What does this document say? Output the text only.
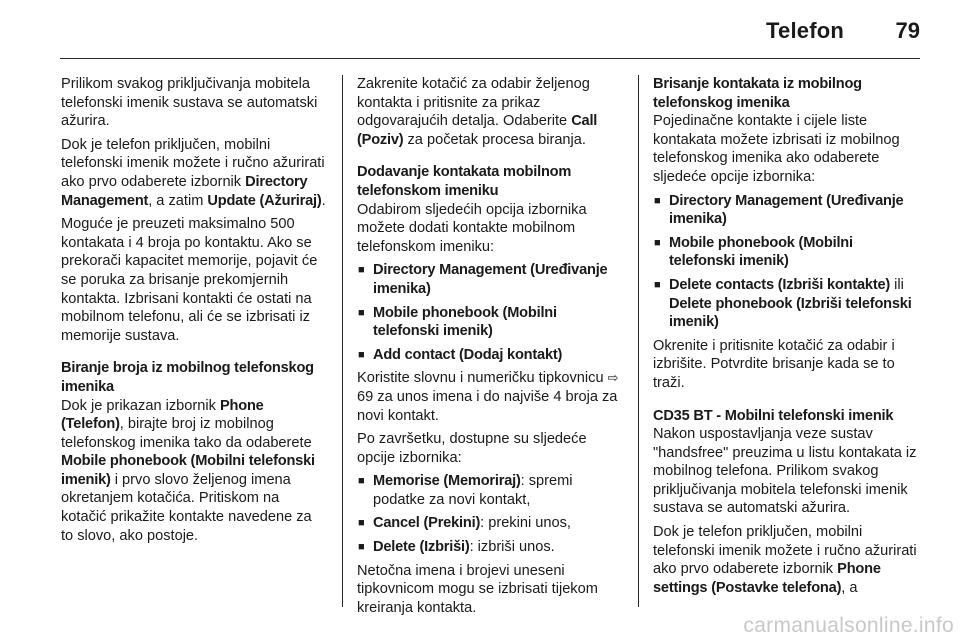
Telefon 79

Prilikom svakog priključivanja mobitela telefonski imenik sustava se automatski ažurira.

Dok je telefon priključen, mobilni telefonski imenik možete i ručno ažurirati ako prvo odaberete izbornik Directory Management, a zatim Update (Ažuriraj).

Moguće je preuzeti maksimalno 500 kontakata i 4 broja po kontaktu. Ako se prekorači kapacitet memorije, pojavit će se poruka za brisanje prekomjernih kontakta. Izbrisani kontakti će ostati na mobilnom telefonu, ali će se izbrisati iz memorije sustava.

Biranje broja iz mobilnog telefonskog imenika

Dok je prikazan izbornik Phone (Telefon), birajte broj iz mobilnog telefonskog imenika tako da odaberete Mobile phonebook (Mobilni telefonski imenik) i prvo slovo željenog imena okretanjem kotačića. Pritiskom na kotačić prikažite kontakte navedene za to slovo, ako postoje.

Zakrenite kotačić za odabir željenog kontakta i pritisnite za prikaz odgovarajućih detalja. Odaberite Call (Poziv) za početak procesa biranja.

Dodavanje kontakata mobilnom telefonskom imeniku

Odabirom sljedećih opcija izbornika možete dodati kontakte mobilnom telefonskom imeniku:

■ Directory Management (Uređivanje imenika)
■ Mobile phonebook (Mobilni telefonski imenik)
■ Add contact (Dodaj kontakt)

Koristite slovnu i numeričku tipkovnicu ⇨ 69 za unos imena i do najviše 4 broja za novi kontakt.

Po završetku, dostupne su sljedeće opcije izbornika:

■ Memorise (Memoriraj): spremi podatke za novi kontakt,
■ Cancel (Prekini): prekini unos,
■ Delete (Izbriši): izbriši unos.

Netočna imena i brojevi uneseni tipkovnicom mogu se izbrisati tijekom kreiranja kontakta.

Brisanje kontakata iz mobilnog telefonskog imenika

Pojedinačne kontakte i cijele liste kontakata možete izbrisati iz mobilnog telefonskog imenika ako odaberete sljedeće opcije izbornika:

■ Directory Management (Uređivanje imenika)
■ Mobile phonebook (Mobilni telefonski imenik)
■ Delete contacts (Izbriši kontakte) ili Delete phonebook (Izbriši telefonski imenik)

Okrenite i pritisnite kotačić za odabir i izbrišite. Potvrdite brisanje kada se to traži.

CD35 BT - Mobilni telefonski imenik

Nakon uspostavljanja veze sustav "handsfree" preuzima u listu kontakata iz mobilnog telefona. Prilikom svakog priključivanja mobitela telefonski imenik sustava se automatski ažurira.

Dok je telefon priključen, mobilni telefonski imenik možete i ručno ažurirati ako prvo odaberete izbornik Phone settings (Postavke telefona), a

carmanualsonline.info
